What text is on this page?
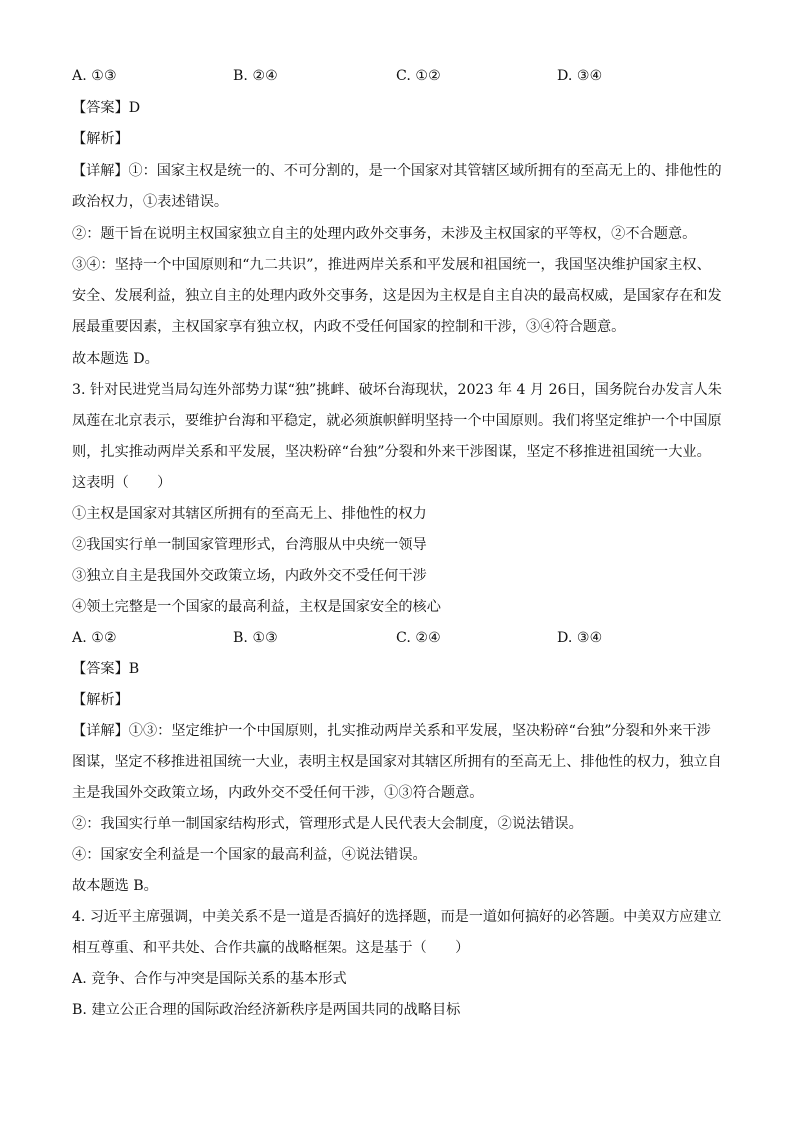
A. ①③	B. ②④	C. ①②	D. ③④
【答案】D
【解析】
【详解】①：国家主权是统一的、不可分割的，是一个国家对其管辖区域所拥有的至高无上的、排他性的
政治权力，①表述错误。
②：题干旨在说明主权国家独立自主的处理内政外交事务，未涉及主权国家的平等权，②不合题意。
③④：坚持一个中国原则和“九二共识”，推进两岸关系和平发展和祖国统一，我国坚决维护国家主权、
安全、发展利益，独立自主的处理内政外交事务，这是因为主权是自主自决的最高权威，是国家存在和发
展最重要因素，主权国家享有独立权，内政不受任何国家的控制和干涉，③④符合题意。
故本题选 D。
3. 针对民进党当局勾连外部势力谋“独”挑衅、破坏台海现状，2023 年 4 月 26日，国务院台办发言人朱
凤莲在北京表示，要维护台海和平稳定，就必须旗帜鲜明坚持一个中国原则。我们将坚定维护一个中国原
则，扎实推动两岸关系和平发展，坚决粉碎“台独”分裂和外来干涉图谋，坚定不移推进祖国统一大业。
这表明（　　）
①主权是国家对其辖区所拥有的至高无上、排他性的权力
②我国实行单一制国家管理形式，台湾服从中央统一领导
③独立自主是我国外交政策立场，内政外交不受任何干涉
④领土完整是一个国家的最高利益，主权是国家安全的核心
A. ①②	B. ①③	C. ②④	D. ③④
【答案】B
【解析】
【详解】①③：坚定维护一个中国原则，扎实推动两岸关系和平发展，坚决粉碎“台独”分裂和外来干涉
图谋，坚定不移推进祖国统一大业，表明主权是国家对其辖区所拥有的至高无上、排他性的权力，独立自
主是我国外交政策立场，内政外交不受任何干涉，①③符合题意。
②：我国实行单一制国家结构形式，管理形式是人民代表大会制度，②说法错误。
④：国家安全利益是一个国家的最高利益，④说法错误。
故本题选 B。
4. 习近平主席强调，中美关系不是一道是否搞好的选择题，而是一道如何搞好的必答题。中美双方应建立
相互尊重、和平共处、合作共赢的战略框架。这是基于（　　）
A. 竞争、合作与冲突是国际关系的基本形式
B. 建立公正合理的国际政治经济新秩序是两国共同的战略目标
